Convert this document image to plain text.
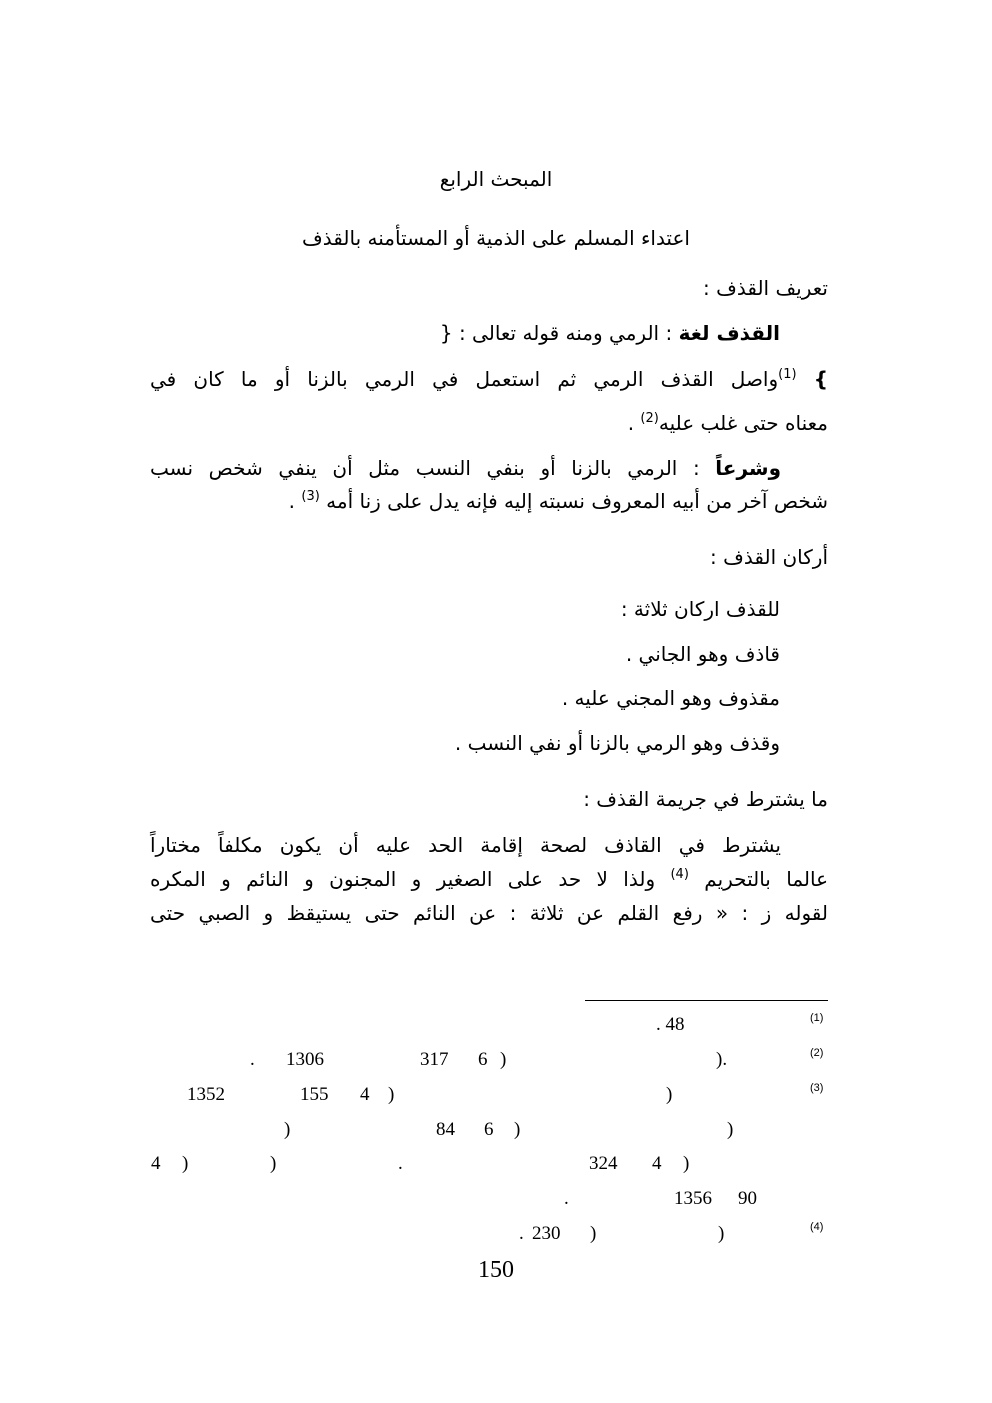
المبحث الرابع
اعتداء المسلم على الذمية أو المستأمنه بالقذف
تعريف القذف :
القذف لغة : الرمي ومنه قوله تعالى : {
} $^{(1)}$واصل القذف الرمي ثم استعمل في الرمي بالزنا أو ما كان في
معناه حتى غلب عليه$^{(2)}$ .
وشرعاً : الرمي بالزنا أو بنفي النسب مثل أن ينفي شخص نسب
شخص آخر من أبيه المعروف نسبته إليه فإنه يدل على زنا أمه $^{(3)}$ .
أركان القذف :
للقذف اركان ثلاثة :
قاذف وهو الجاني .
مقذوف وهو المجني عليه .
وقذف وهو الرمي بالزنا أو نفي النسب .
ما يشترط في جريمة القذف :
يشترط في القاذف لصحة إقامة الحد عليه أن يكون مكلفاً مختاراً
عالما بالتحريم $^{(4)}$ ولذا لا حد على الصغير و المجنون و النائم و المكره
لقوله ز : « رفع القلم عن ثلاثة : عن النائم حتى يستيقظ و الصبي حتى
(1)
. 48
(2)
).
)
6
317
1306
.
(3)
)
)
4
155
1352
)
)
6
84
)
)
4
324
.
)
)
4
90
1356
.
(4)
)
)
230
.
150
